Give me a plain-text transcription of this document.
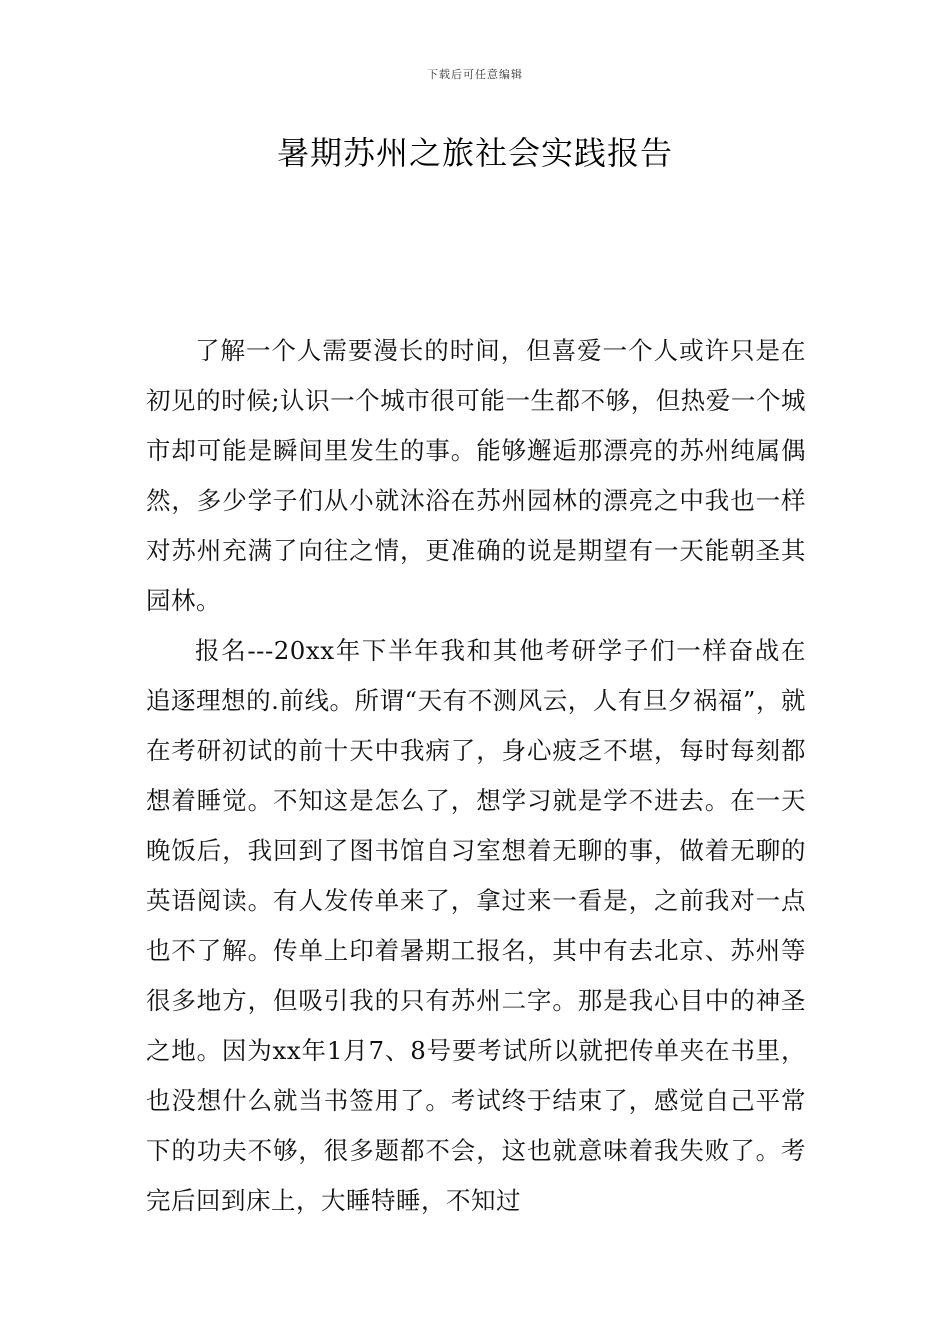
下载后可任意编辑
暑期苏州之旅社会实践报告

了解一个人需要漫长的时间，但喜爱一个人或许只是在初见的时候;认识一个城市很可能一生都不够，但热爱一个城市却可能是瞬间里发生的事。能够邂逅那漂亮的苏州纯属偶然，多少学子们从小就沐浴在苏州园林的漂亮之中我也一样对苏州充满了向往之情，更准确的说是期望有一天能朝圣其园林。

报名---20xx年下半年我和其他考研学子们一样奋战在追逐理想的.前线。所谓“天有不测风云，人有旦夕祸福”，就在考研初试的前十天中我病了，身心疲乏不堪，每时每刻都想着睡觉。不知这是怎么了，想学习就是学不进去。在一天晚饭后，我回到了图书馆自习室想着无聊的事，做着无聊的英语阅读。有人发传单来了，拿过来一看是，之前我对一点也不了解。传单上印着暑期工报名，其中有去北京、苏州等很多地方，但吸引我的只有苏州二字。那是我心目中的神圣之地。因为xx年1月7、8号要考试所以就把传单夹在书里，也没想什么就当书签用了。考试终于结束了，感觉自己平常下的功夫不够，很多题都不会，这也就意味着我失败了。考完后回到床上，大睡特睡，不知过
